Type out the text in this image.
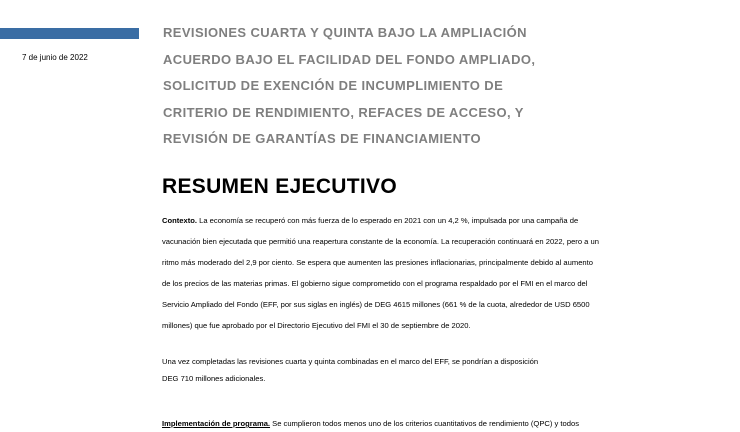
7 de junio de 2022
REVISIONES CUARTA Y QUINTA BAJO LA AMPLIACIÓN
ACUERDO BAJO EL FACILIDAD DEL FONDO AMPLIADO,
SOLICITUD DE EXENCIÓN DE INCUMPLIMIENTO DE
CRITERIO DE RENDIMIENTO, REFACES DE ACCESO, Y
REVISIÓN DE GARANTÍAS DE FINANCIAMIENTO
RESUMEN EJECUTIVO
Contexto. La economía se recuperó con más fuerza de lo esperado en 2021 con un 4,2 %, impulsada por una campaña de
vacunación bien ejecutada que permitió una reapertura constante de la economía. La recuperación continuará en 2022, pero a un
ritmo más moderado del 2,9 por ciento. Se espera que aumenten las presiones inflacionarias, principalmente debido al aumento
de los precios de las materias primas. El gobierno sigue comprometido con el programa respaldado por el FMI en el marco del
Servicio Ampliado del Fondo (EFF, por sus siglas en inglés) de DEG 4615 millones (661 % de la cuota, alrededor de USD 6500
millones) que fue aprobado por el Directorio Ejecutivo del FMI el 30 de septiembre de 2020.
Una vez completadas las revisiones cuarta y quinta combinadas en el marco del EFF, se pondrían a disposición
DEG 710 millones adicionales.
Implementación de programa. Se cumplieron todos menos uno de los criterios cuantitativos de rendimiento (QPC) y todos
